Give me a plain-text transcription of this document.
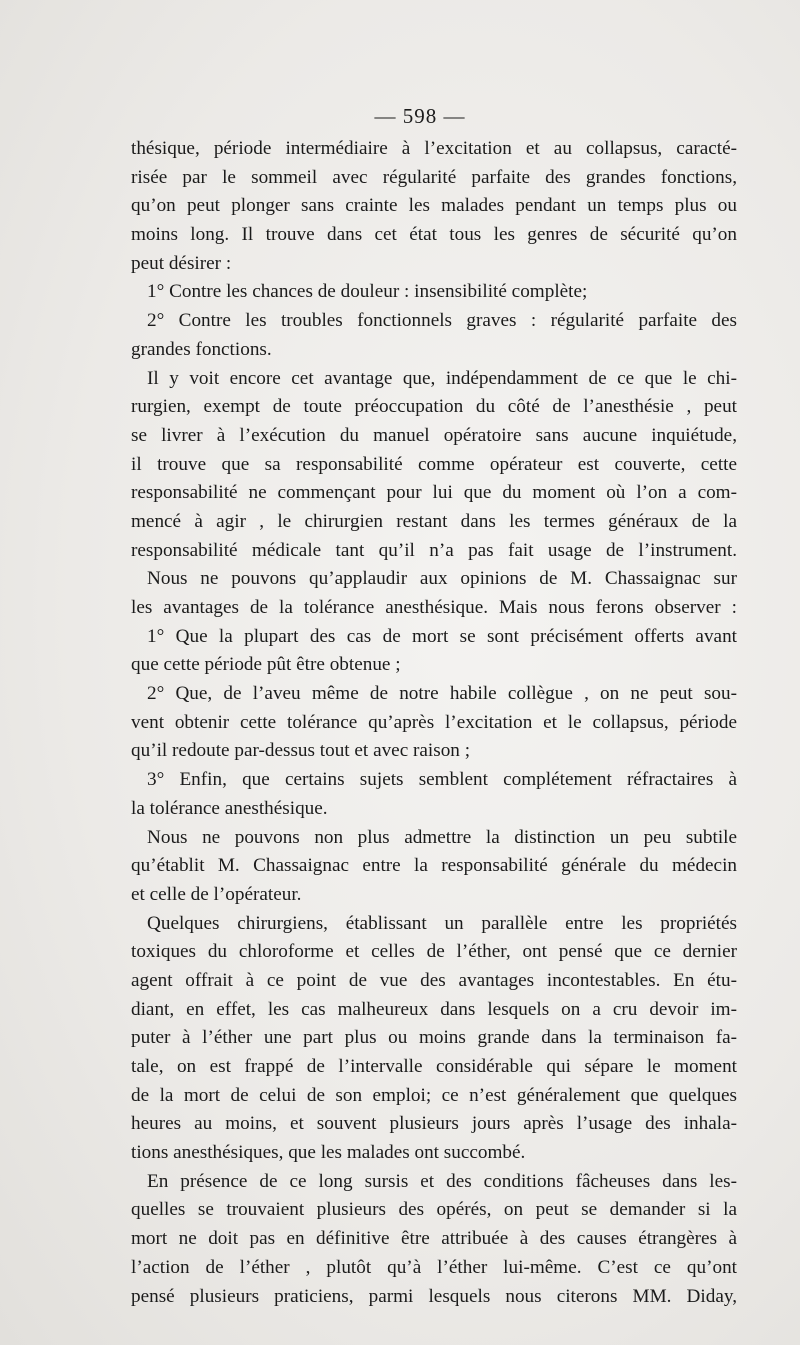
— 598 —
thésique, période intermédiaire à l’excitation et au collapsus, caracté-
risée par le sommeil avec régularité parfaite des grandes fonctions,
qu’on peut plonger sans crainte les malades pendant un temps plus ou
moins long. Il trouve dans cet état tous les genres de sécurité qu’on
peut désirer :
1° Contre les chances de douleur : insensibilité complète;
2° Contre les troubles fonctionnels graves : régularité parfaite des
grandes fonctions.
Il y voit encore cet avantage que, indépendamment de ce que le chi-
rurgien, exempt de toute préoccupation du côté de l’anesthésie , peut
se livrer à l’exécution du manuel opératoire sans aucune inquiétude,
il trouve que sa responsabilité comme opérateur est couverte, cette
responsabilité ne commençant pour lui que du moment où l’on a com-
mencé à agir , le chirurgien restant dans les termes généraux de la
responsabilité médicale tant qu’il n’a pas fait usage de l’instrument.
Nous ne pouvons qu’applaudir aux opinions de M. Chassaignac sur
les avantages de la tolérance anesthésique. Mais nous ferons observer :
1° Que la plupart des cas de mort se sont précisément offerts avant
que cette période pût être obtenue ;
2° Que, de l’aveu même de notre habile collègue , on ne peut sou-
vent obtenir cette tolérance qu’après l’excitation et le collapsus, période
qu’il redoute par-dessus tout et avec raison ;
3° Enfin, que certains sujets semblent complétement réfractaires à
la tolérance anesthésique.
Nous ne pouvons non plus admettre la distinction un peu subtile
qu’établit M. Chassaignac entre la responsabilité générale du médecin
et celle de l’opérateur.
Quelques chirurgiens, établissant un parallèle entre les propriétés
toxiques du chloroforme et celles de l’éther, ont pensé que ce dernier
agent offrait à ce point de vue des avantages incontestables. En étu-
diant, en effet, les cas malheureux dans lesquels on a cru devoir im-
puter à l’éther une part plus ou moins grande dans la terminaison fa-
tale, on est frappé de l’intervalle considérable qui sépare le moment
de la mort de celui de son emploi; ce n’est généralement que quelques
heures au moins, et souvent plusieurs jours après l’usage des inhala-
tions anesthésiques, que les malades ont succombé.
En présence de ce long sursis et des conditions fâcheuses dans les-
quelles se trouvaient plusieurs des opérés, on peut se demander si la
mort ne doit pas en définitive être attribuée à des causes étrangères à
l’action de l’éther , plutôt qu’à l’éther lui-même. C’est ce qu’ont
pensé plusieurs praticiens, parmi lesquels nous citerons MM. Diday,
